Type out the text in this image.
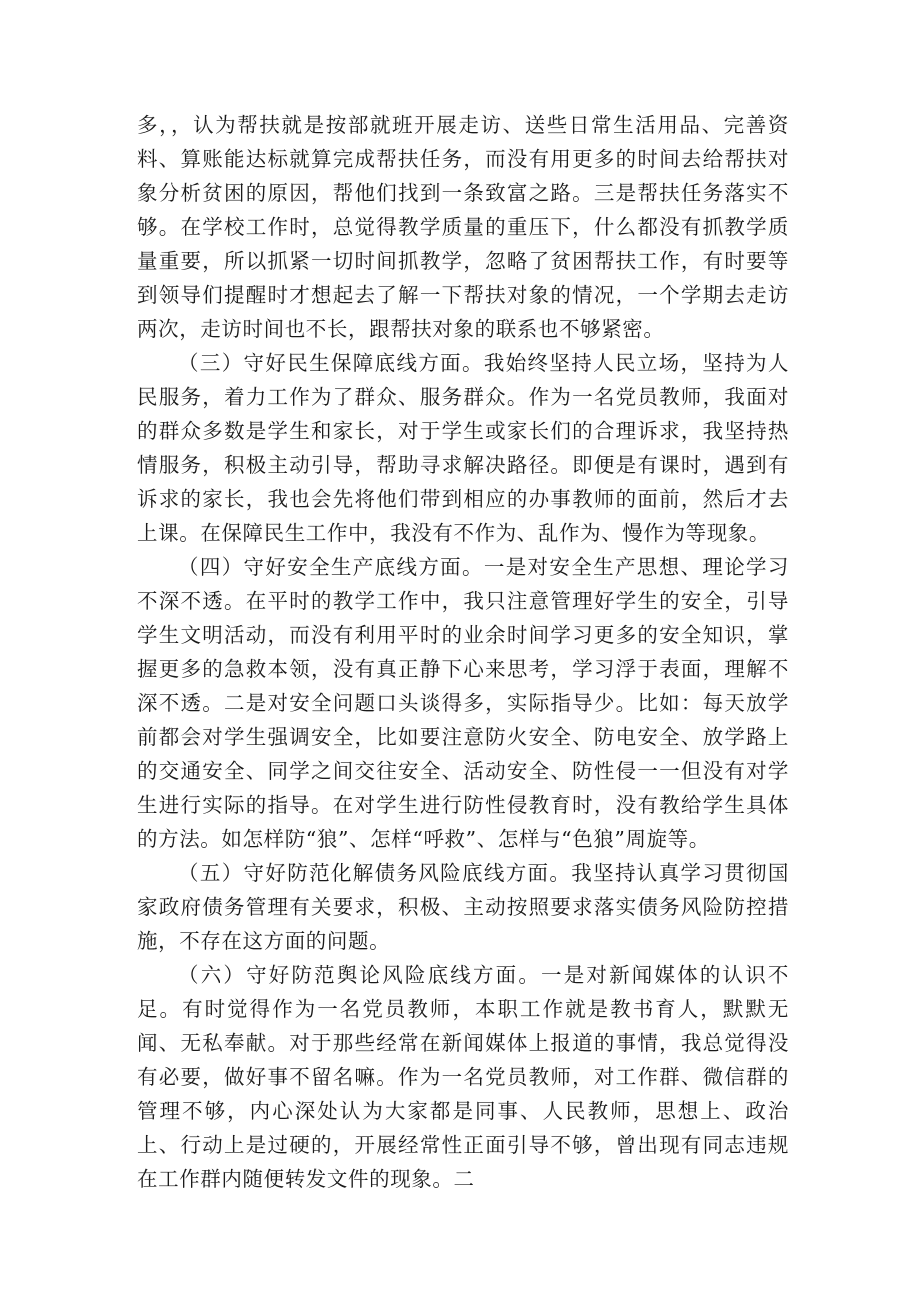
多，，认为帮扶就是按部就班开展走访、送些日常生活用品、完善资料、算账能达标就算完成帮扶任务，而没有用更多的时间去给帮扶对象分析贫困的原因，帮他们找到一条致富之路。三是帮扶任务落实不够。在学校工作时，总觉得教学质量的重压下，什么都没有抓教学质量重要，所以抓紧一切时间抓教学，忽略了贫困帮扶工作，有时要等到领导们提醒时才想起去了解一下帮扶对象的情况，一个学期去走访两次，走访时间也不长，跟帮扶对象的联系也不够紧密。

（三）守好民生保障底线方面。我始终坚持人民立场，坚持为人民服务，着力工作为了群众、服务群众。作为一名党员教师，我面对的群众多数是学生和家长，对于学生或家长们的合理诉求，我坚持热情服务，积极主动引导，帮助寻求解决路径。即便是有课时，遇到有诉求的家长，我也会先将他们带到相应的办事教师的面前，然后才去上课。在保障民生工作中，我没有不作为、乱作为、慢作为等现象。

（四）守好安全生产底线方面。一是对安全生产思想、理论学习不深不透。在平时的教学工作中，我只注意管理好学生的安全，引导学生文明活动，而没有利用平时的业余时间学习更多的安全知识，掌握更多的急救本领，没有真正静下心来思考，学习浮于表面，理解不深不透。二是对安全问题口头谈得多，实际指导少。比如：每天放学前都会对学生强调安全，比如要注意防火安全、防电安全、放学路上的交通安全、同学之间交往安全、活动安全、防性侵一一但没有对学生进行实际的指导。在对学生进行防性侵教育时，没有教给学生具体的方法。如怎样防“狼”、怎样“呼救”、怎样与“色狼”周旋等。

（五）守好防范化解债务风险底线方面。我坚持认真学习贯彻国家政府债务管理有关要求，积极、主动按照要求落实债务风险防控措施，不存在这方面的问题。

（六）守好防范舆论风险底线方面。一是对新闻媒体的认识不足。有时觉得作为一名党员教师，本职工作就是教书育人，默默无闻、无私奉献。对于那些经常在新闻媒体上报道的事情，我总觉得没有必要，做好事不留名嘛。作为一名党员教师，对工作群、微信群的管理不够，内心深处认为大家都是同事、人民教师，思想上、政治上、行动上是过硬的，开展经常性正面引导不够，曾出现有同志违规在工作群内随便转发文件的现象。二
